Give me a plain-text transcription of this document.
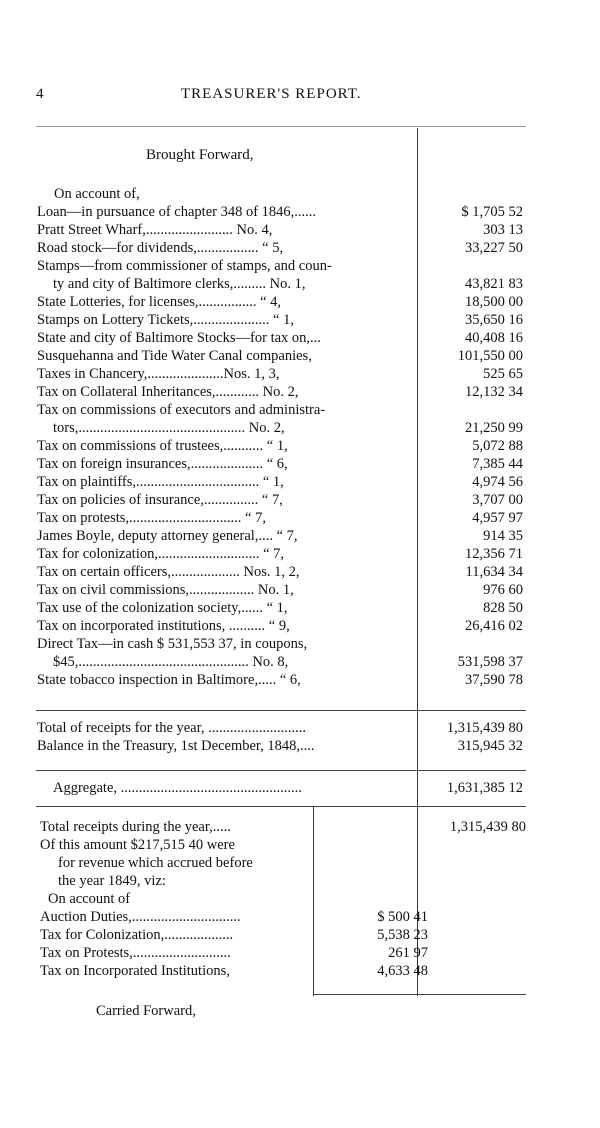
4	TREASURER'S REPORT.
Brought Forward,
On account of,
Loan—in pursuance of chapter 348 of 1846,......	$ 1,705 52
Pratt Street Wharf,........................ No. 4,	303 13
Road stock—for dividends,................. “ 5,	33,227 50
Stamps—from commissioner of stamps, and coun-
ty and city of Baltimore clerks,......... No. 1,	43,821 83
State Lotteries, for licenses,................ “ 4,	18,500 00
Stamps on Lottery Tickets,..................... “ 1,	35,650 16
State and city of Baltimore Stocks—for tax on,...	40,408 16
Susquehanna and Tide Water Canal companies,	101,550 00
Taxes in Chancery,.....................Nos. 1, 3,	525 65
Tax on Collateral Inheritances,............ No. 2,	12,132 34
Tax on commissions of executors and administra-
tors,.............................................. No. 2,	21,250 99
Tax on commissions of trustees,........... “ 1,	5,072 88
Tax on foreign insurances,.................... “ 6,	7,385 44
Tax on plaintiffs,.................................. “ 1,	4,974 56
Tax on policies of insurance,............... “ 7,	3,707 00
Tax on protests,............................... “ 7,	4,957 97
James Boyle, deputy attorney general,.... “ 7,	914 35
Tax for colonization,............................ “ 7,	12,356 71
Tax on certain officers,................... Nos. 1, 2,	11,634 34
Tax on civil commissions,.................. No. 1,	976 60
Tax use of the colonization society,...... “ 1,	828 50
Tax on incorporated institutions, .......... “ 9,	26,416 02
Direct Tax—in cash $ 531,553 37, in coupons,
$45,............................................... No. 8,	531,598 37
State tobacco inspection in Baltimore,..... “ 6,	37,590 78
Total of receipts for the year, ...........................	1,315,439 80
Balance in the Treasury, 1st December, 1848,....	315,945 32
Aggregate, ..................................................	1,631,385 12
Total receipts during the year,.....	1,315,439 80
Of this amount $217,515 40 were
for revenue which accrued before
the year 1849, viz:
On account of
Auction Duties,..............................	$ 500 41
Tax for Colonization,...................	5,538 23
Tax on Protests,...........................	261 97
Tax on Incorporated Institutions,	4,633 48
Carried Forward,
